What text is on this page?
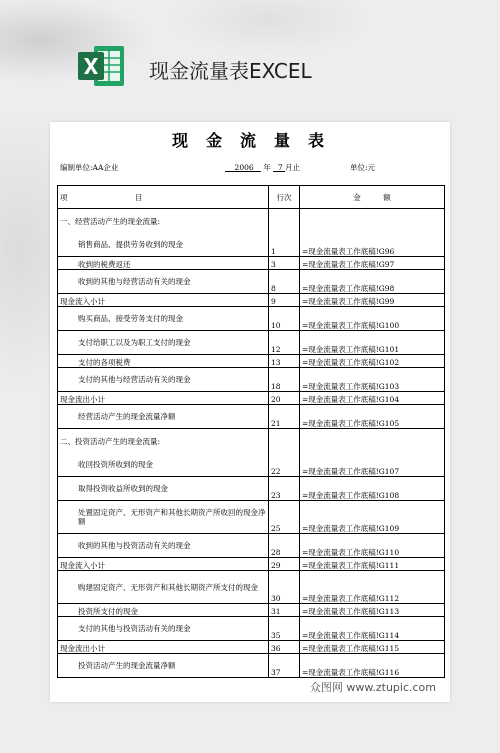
现金流量表EXCEL
现金流量表
编制单位:AA企业	2006 年 7 月止	单位:元
项　　　　　　　　　目	行次	金　　　额
一、经营活动产生的现金流量:		
销售商品、提供劳务收到的现金	1	=现金流量表工作底稿!G96
收到的税费返还	3	=现金流量表工作底稿!G97
收到的其他与经营活动有关的现金	8	=现金流量表工作底稿!G98
现金流入小计	9	=现金流量表工作底稿!G99
购买商品、接受劳务支付的现金	10	=现金流量表工作底稿!G100
支付给职工以及为职工支付的现金	12	=现金流量表工作底稿!G101
支付的各项税费	13	=现金流量表工作底稿!G102
支付的其他与经营活动有关的现金	18	=现金流量表工作底稿!G103
现金流出小计	20	=现金流量表工作底稿!G104
经营活动产生的现金流量净额	21	=现金流量表工作底稿!G105
二、投资活动产生的现金流量:		
收回投资所收到的现金	22	=现金流量表工作底稿!G107
取得投资收益所收到的现金	23	=现金流量表工作底稿!G108
处置固定资产、无形资产和其他长期资产所收回的现金净额	25	=现金流量表工作底稿!G109
收到的其他与投资活动有关的现金	28	=现金流量表工作底稿!G110
现金流入小计	29	=现金流量表工作底稿!G111
购建固定资产、无形资产和其他长期资产所支付的现金	30	=现金流量表工作底稿!G112
投资所支付的现金	31	=现金流量表工作底稿!G113
支付的其他与投资活动有关的现金	35	=现金流量表工作底稿!G114
现金流出小计	36	=现金流量表工作底稿!G115
投资活动产生的现金流量净额	37	=现金流量表工作底稿!G116
众图网 www.ztupic.com
